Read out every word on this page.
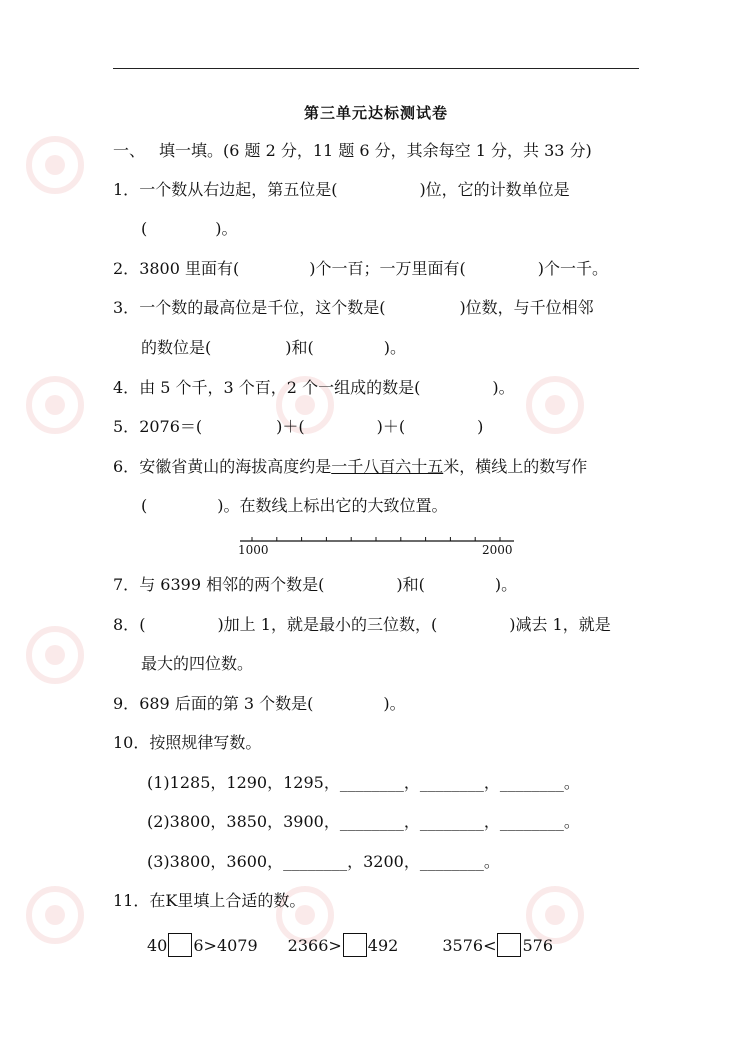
第三单元达标测试卷
一、 填一填。(6 题 2 分，11 题 6 分，其余每空 1 分，共 33 分)
1．一个数从右边起，第五位是(	)位，它的计数单位是
(	)。
2．3800 里面有(	)个一百；一万里面有(	)个一千。
3．一个数的最高位是千位，这个数是(	)位数，与千位相邻
的数位是(	)和(	)。
4．由 5 个千，3 个百，2 个一组成的数是(	)。
5．2076＝(	)＋(	)＋(	)
6．安徽省黄山的海拔高度约是一千八百六十五米，横线上的数写作
(	)。在数线上标出它的大致位置。
1000	2000
7．与 6399 相邻的两个数是(	)和(	)。
8．(	)加上 1，就是最小的三位数，(	)减去 1，就是
最大的四位数。
9．689 后面的第 3 个数是(	)。
10．按照规律写数。
(1)1285，1290，1295，________，________，________。
(2)3800，3850，3900，________，________，________。
(3)3800，3600，________，3200，________。
11．在K里填上合适的数。
40 6>4079 2366> 492	3576< 576
